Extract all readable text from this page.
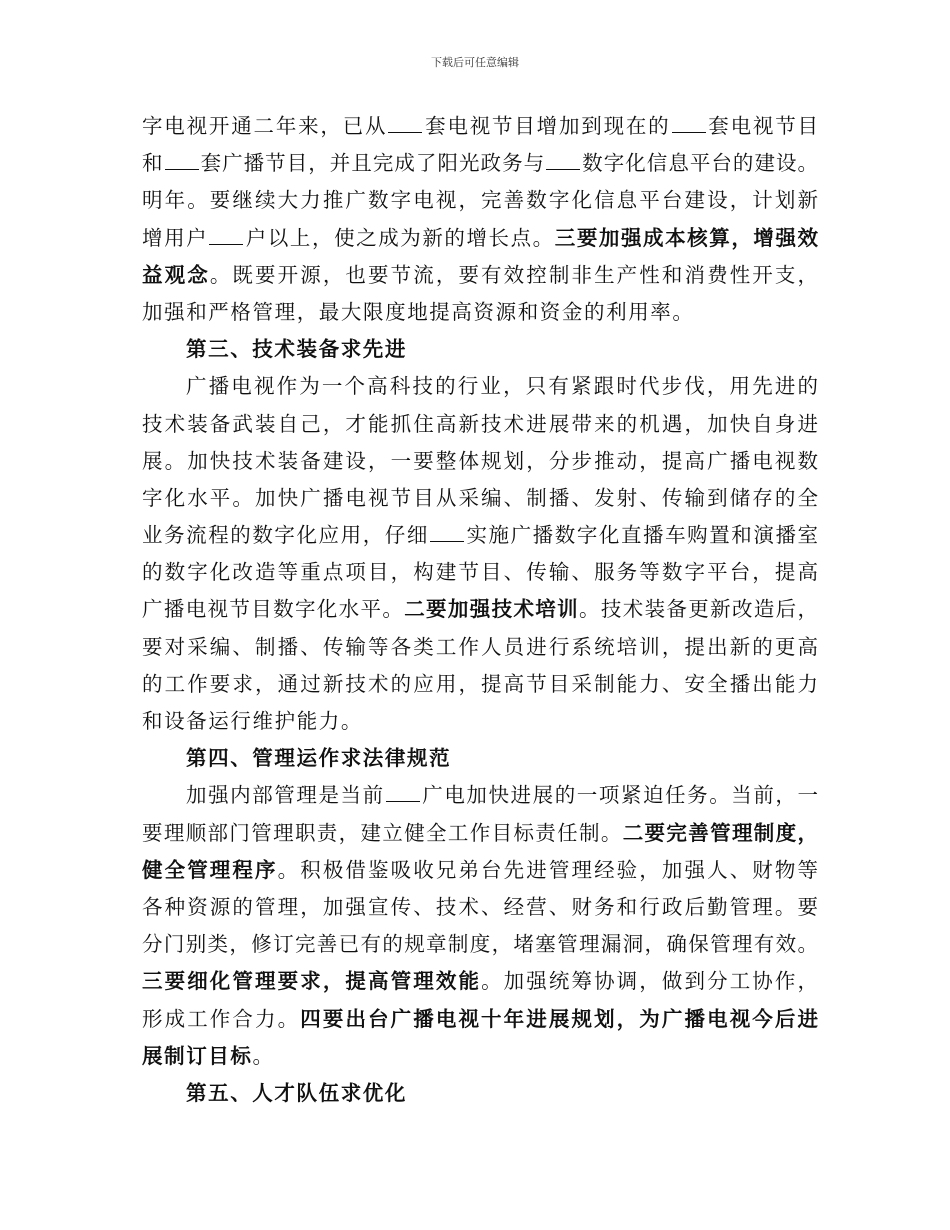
下载后可任意编辑
字电视开通二年来，已从 套电视节目增加到现在的 套电视节目
和 套广播节目，并且完成了阳光政务与 数字化信息平台的建设。
明年。要继续大力推广数字电视，完善数字化信息平台建设，计划新
增用户 户以上，使之成为新的增长点。三要加强成本核算，增强效
益观念。既要开源，也要节流，要有效控制非生产性和消费性开支，
加强和严格管理，最大限度地提高资源和资金的利用率。
第三、技术装备求先进
广播电视作为一个高科技的行业，只有紧跟时代步伐，用先进的
技术装备武装自己，才能抓住高新技术进展带来的机遇，加快自身进
展。加快技术装备建设，一要整体规划，分步推动，提高广播电视数
字化水平。加快广播电视节目从采编、制播、发射、传输到储存的全
业务流程的数字化应用，仔细 实施广播数字化直播车购置和演播室
的数字化改造等重点项目，构建节目、传输、服务等数字平台，提高
广播电视节目数字化水平。二要加强技术培训。技术装备更新改造后，
要对采编、制播、传输等各类工作人员进行系统培训，提出新的更高
的工作要求，通过新技术的应用，提高节目采制能力、安全播出能力
和设备运行维护能力。
第四、管理运作求法律规范
加强内部管理是当前 广电加快进展的一项紧迫任务。当前，一
要理顺部门管理职责，建立健全工作目标责任制。二要完善管理制度，
健全管理程序。积极借鉴吸收兄弟台先进管理经验，加强人、财物等
各种资源的管理，加强宣传、技术、经营、财务和行政后勤管理。要
分门别类，修订完善已有的规章制度，堵塞管理漏洞，确保管理有效。
三要细化管理要求，提高管理效能。加强统筹协调，做到分工协作，
形成工作合力。四要出台广播电视十年进展规划，为广播电视今后进
展制订目标。
第五、人才队伍求优化
